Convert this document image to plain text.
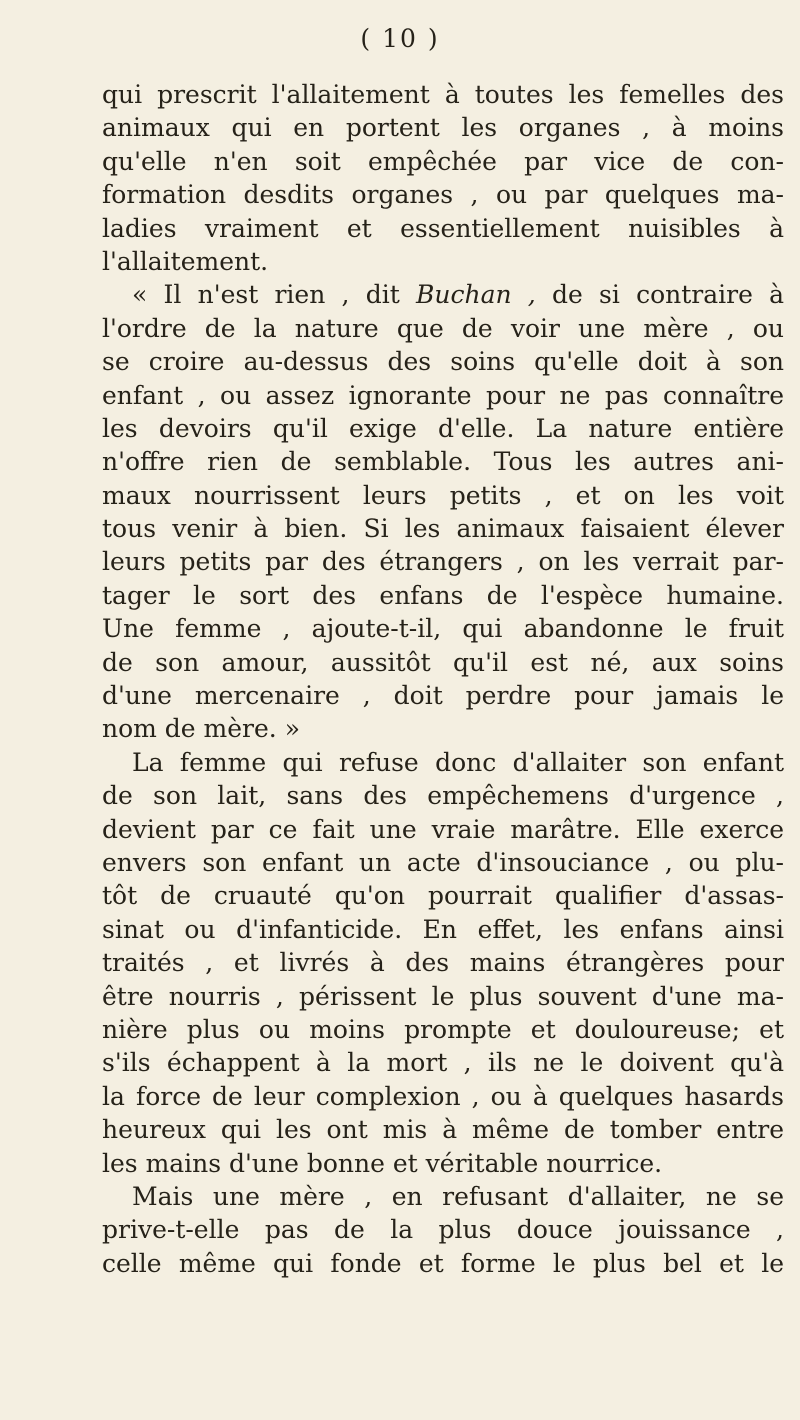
( 10 )
qui prescrit l'allaitement à toutes les femelles des
animaux qui en portent les organes , à moins
qu'elle n'en soit empêchée par vice de con-
formation desdits organes , ou par quelques ma-
ladies vraiment et essentiellement nuisibles à
l'allaitement.
« Il n'est rien , dit Buchan , de si contraire à
l'ordre de la nature que de voir une mère , ou
se croire au-dessus des soins qu'elle doit à son
enfant , ou assez ignorante pour ne pas connaître
les devoirs qu'il exige d'elle. La nature entière
n'offre rien de semblable. Tous les autres ani-
maux nourrissent leurs petits , et on les voit
tous venir à bien. Si les animaux faisaient élever
leurs petits par des étrangers , on les verrait par-
tager le sort des enfans de l'espèce humaine.
Une femme , ajoute-t-il, qui abandonne le fruit
de son amour, aussitôt qu'il est né, aux soins
d'une mercenaire , doit perdre pour jamais le
nom de mère. »
La femme qui refuse donc d'allaiter son enfant
de son lait, sans des empêchemens d'urgence ,
devient par ce fait une vraie marâtre. Elle exerce
envers son enfant un acte d'insouciance , ou plu-
tôt de cruauté qu'on pourrait qualifier d'assas-
sinat ou d'infanticide. En effet, les enfans ainsi
traités , et livrés à des mains étrangères pour
être nourris , périssent le plus souvent d'une ma-
nière plus ou moins prompte et douloureuse; et
s'ils échappent à la mort , ils ne le doivent qu'à
la force de leur complexion , ou à quelques hasards
heureux qui les ont mis à même de tomber entre
les mains d'une bonne et véritable nourrice.
Mais une mère , en refusant d'allaiter, ne se
prive-t-elle pas de la plus douce jouissance ,
celle même qui fonde et forme le plus bel et le
